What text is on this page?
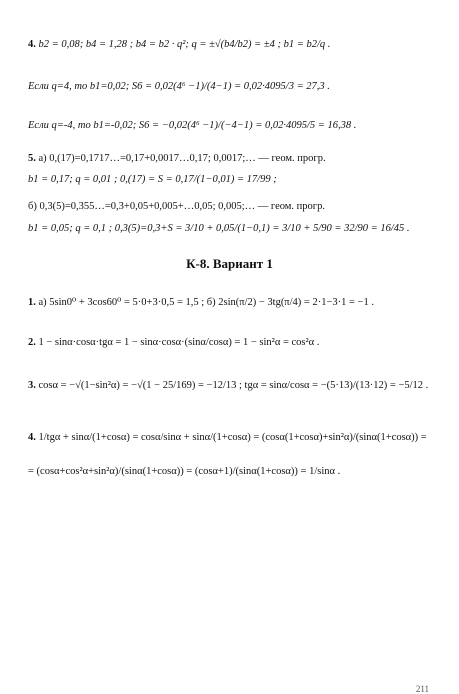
4. b2 = 0,08; b4 = 1,28 ; b4 = b2 · q²; q = ±√(b4/b2) = ±4 ; b1 = b2/q .
Если q=4, то b1=0,02; S6 = 0,02(4⁶ −1)/(4−1) = 0,02·4095/3 = 27,3 .
Если q=-4, то b1=-0,02; S6 = −0,02(4⁶ −1)/(−4−1) = 0,02·4095/5 = 16,38 .
5. а) 0,(17)=0,1717…=0,17+0,0017…0,17; 0,0017;… — геом. прогр.
b1 = 0,17; q = 0,01 ; 0,(17) = S = 0,17/(1−0,01) = 17/99 ;
б) 0,3(5)=0,355…=0,3+0,05+0,005+…0,05; 0,005;… — геом. прогр.
b1 = 0,05; q = 0,1 ; 0,3(5)=0,3+S = 3/10 + 0,05/(1−0,1) = 3/10 + 5/90 = 32/90 = 16/45 .
К-8. Вариант 1
1. а) 5sin0⁰ + 3cos60⁰ = 5·0+3·0,5 = 1,5 ; б) 2sin(π/2) − 3tg(π/4) = 2·1−3·1 = −1 .
2. 1 − sinα·cosα·tgα = 1 − sinα·cosα·(sinα/cosα) = 1 − sin²α = cos²α .
3. cosα = −√(1−sin²α) = −√(1 − 25/169) = −12/13 ; tgα = sinα/cosα = −(5·13)/(13·12) = −5/12 .
4. 1/tgα + sinα/(1+cosα) = cosα/sinα + sinα/(1+cosα) = (cosα(1+cosα)+sin²α)/(sinα(1+cosα)) =
= (cosα+cos²α+sin²α)/(sinα(1+cosα)) = (cosα+1)/(sinα(1+cosα)) = 1/sinα .
211
